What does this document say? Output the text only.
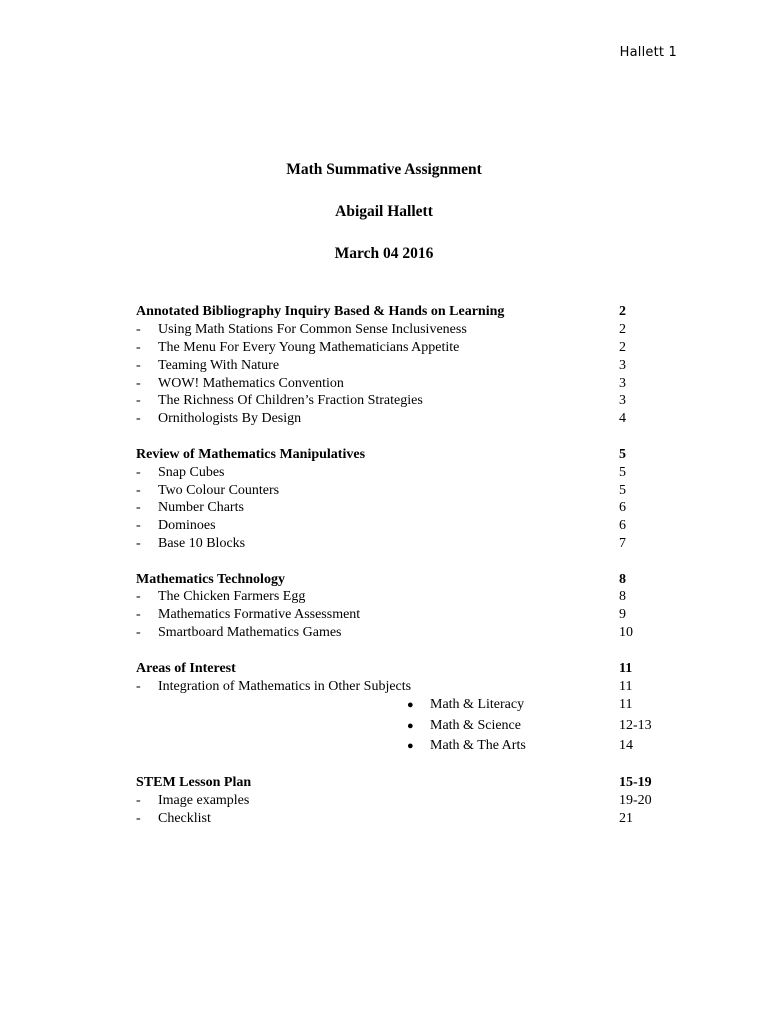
Hallett 1
Math Summative Assignment
Abigail Hallett
March 04 2016
Annotated Bibliography Inquiry Based & Hands on Learning	2
- Using Math Stations For Common Sense Inclusiveness	2
- The Menu For Every Young Mathematicians Appetite	2
- Teaming With Nature	3
- WOW! Mathematics Convention	3
- The Richness Of Children’s Fraction Strategies	3
- Ornithologists By Design	4
Review of Mathematics Manipulatives	5
- Snap Cubes	5
- Two Colour Counters	5
- Number Charts	6
- Dominoes	6
- Base 10 Blocks	7
Mathematics Technology	8
- The Chicken Farmers Egg	8
- Mathematics Formative Assessment	9
- Smartboard Mathematics Games	10
Areas of Interest	11
- Integration of Mathematics in Other Subjects	11
● Math & Literacy	11
● Math & Science	12-13
● Math & The Arts	14
STEM Lesson Plan	15-19
- Image examples	19-20
- Checklist	21
